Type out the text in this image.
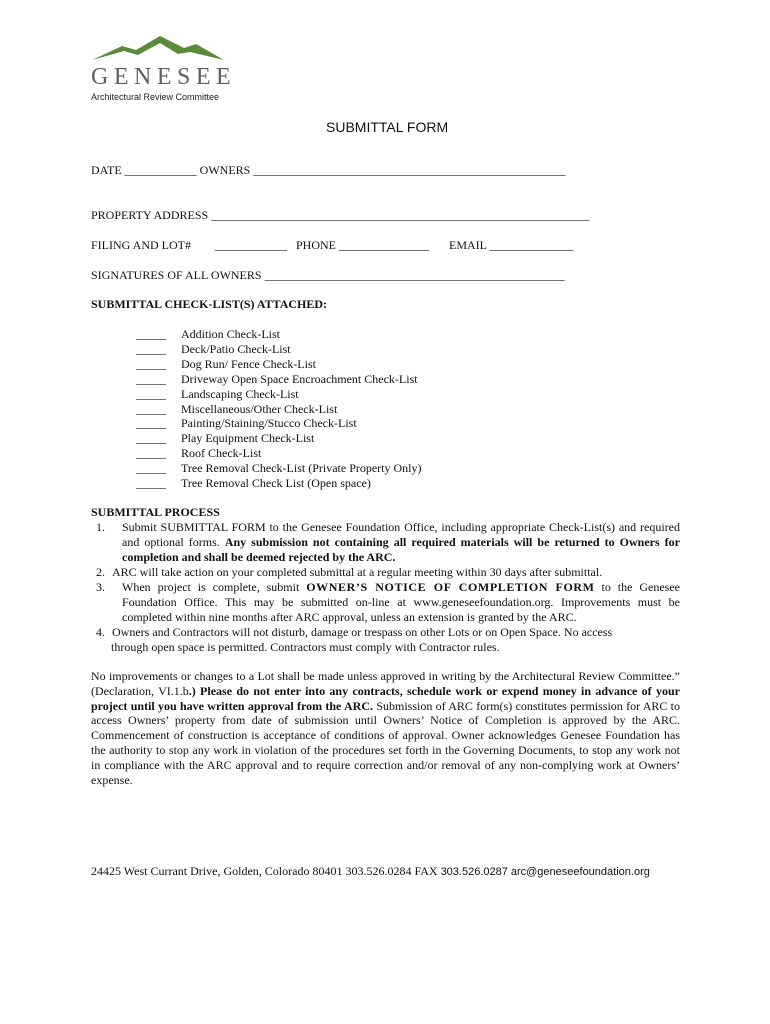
GENESEE
Architectural Review Committee
SUBMITTAL FORM
DATE ____________ OWNERS ____________________________________________________
PROPERTY ADDRESS _______________________________________________________________
FILING AND LOT# ____________ PHONE _______________ EMAIL ______________
SIGNATURES OF ALL OWNERS __________________________________________________
SUBMITTAL CHECK-LIST(S) ATTACHED:
_____ Addition Check-List
_____ Deck/Patio Check-List
_____ Dog Run/ Fence Check-List
_____ Driveway Open Space Encroachment Check-List
_____ Landscaping Check-List
_____ Miscellaneous/Other Check-List
_____ Painting/Staining/Stucco Check-List
_____ Play Equipment Check-List
_____ Roof Check-List
_____ Tree Removal Check-List (Private Property Only)
_____ Tree Removal Check List (Open space)
SUBMITTAL PROCESS
1.	Submit SUBMITTAL FORM to the Genesee Foundation Office, including appropriate Check-List(s) and required and optional forms. Any submission not containing all required materials will be returned to Owners for completion and shall be deemed rejected by the ARC.
2. ARC will take action on your completed submittal at a regular meeting within 30 days after submittal.
3.	When project is complete, submit OWNER’S NOTICE OF COMPLETION FORM to the Genesee Foundation Office. This may be submitted on-line at www.geneseefoundation.org. Improvements must be completed within nine months after ARC approval, unless an extension is granted by the ARC.
4. Owners and Contractors will not disturb, damage or trespass on other Lots or on Open Space. No access
through open space is permitted. Contractors must comply with Contractor rules.
No improvements or changes to a Lot shall be made unless approved in writing by the Architectural Review Committee.” (Declaration, VI.1.b.) Please do not enter into any contracts, schedule work or expend money in advance of your project until you have written approval from the ARC. Submission of ARC form(s) constitutes permission for ARC to access Owners’ property from date of submission until Owners’ Notice of Completion is approved by the ARC. Commencement of construction is acceptance of conditions of approval. Owner acknowledges Genesee Foundation has the authority to stop any work in violation of the procedures set forth in the Governing Documents, to stop any work not in compliance with the ARC approval and to require correction and/or removal of any non-complying work at Owners’ expense.
24425 West Currant Drive, Golden, Colorado 80401 303.526.0284 FAX 303.526.0287 arc@geneseefoundation.org
